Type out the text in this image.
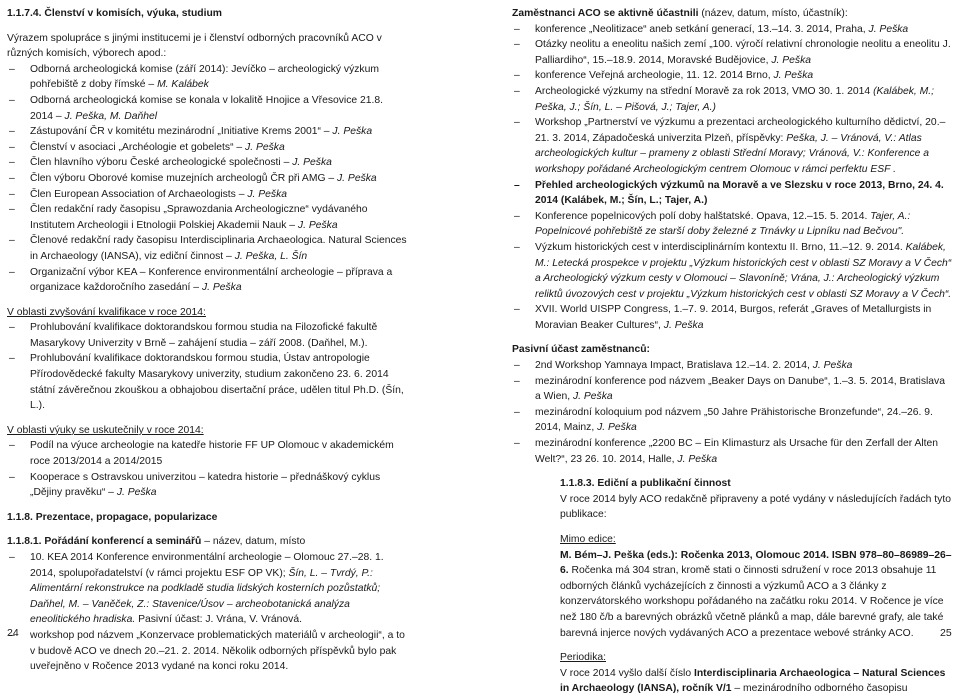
1.1.7.4. Členství v komisích, výuka, studium

Výrazem spolupráce s jinými institucemi je i členství odborných pracovníků ACO v různých komisích, výborech apod.:

– Odborná archeologická komise (září 2014): Jevíčko – archeologický výzkum pohřebiště z doby římské – M. Kalábek

– Odborná archeologická komise se konala v lokalitě Hnojice a Vřesovice 21.8. 2014 – J. Peška, M. Daňhel

– Zástupování ČR v komitétu mezinárodní „Initiative Krems 2001“ – J. Peška

– Členství v asociaci „Archéologie et gobelets“ – J. Peška

– Člen hlavního výboru České archeologické společnosti – J. Peška

– Člen výboru Oborové komise muzejních archeologů ČR při AMG – J. Peška

– Člen European Association of Archaeologists – J. Peška

– Člen redakční rady časopisu „Sprawozdania Archeologiczne“ vydávaného Institutem Archeologii i Etnologii Polskiej Akademii Nauk – J. Peška

– Členové redakční rady časopisu Interdisciplinaria Archaeologica. Natural Sciences in Archaeology (IANSA), viz ediční činnost – J. Peška, L. Šín

– Organizační výbor KEA – Konference environmentální archeologie – příprava a organizace každoročního zasedání – J. Peška

V oblasti zvyšování kvalifikace v roce 2014:

– Prohlubování kvalifikace doktorandskou formou studia na Filozofické fakultě Masarykovy Univerzity v Brně – zahájení studia – září 2008. (Daňhel, M.).

– Prohlubování kvalifikace doktorandskou formou studia, Ústav antropologie Přírodovědecké fakulty Masarykovy univerzity, studium zakončeno 23. 6. 2014 státní závěrečnou zkouškou a obhajobou disertační práce, udělen titul Ph.D. (Šín, L.).

V oblasti výuky se uskutečnily v roce 2014:

– Podíl na výuce archeologie na katedře historie FF UP Olomouc v akademickém roce 2013/2014 a 2014/2015

– Kooperace s Ostravskou univerzitou – katedra historie – přednáškový cyklus „Dějiny pravěku“ – J. Peška

1.1.8. Prezentace, propagace, popularizace

1.1.8.1. Pořádání konferencí a seminářů – název, datum, místo

– 10. KEA 2014 Konference environmentální archeologie – Olomouc 27.–28. 1. 2014, spolupořadatelství (v rámci projektu ESF OP VK); Šín, L. – Tvrdý, P.: Alimentární rekonstrukce na podkladě studia lidských kosterních pozůstatků; Daňhel, M. – Vaněček, Z.: Stavenice/Úsov – archeobotanická analýza eneolitického hradiska. Pasivní účast: J. Vrána, V. Vránová.

– workshop pod názvem „Konzervace problematických materiálů v archeologii“, a to v budově ACO ve dnech 20.–21. 2. 2014. Několik odborných příspěvků bylo pak uveřejněno v Ročence 2013 vydané na konci roku 2014.

Zaměstnanci ACO se aktivně účastnili (název, datum, místo, účastník):

– konference „Neolitizace“ aneb setkání generací, 13.–14. 3. 2014, Praha, J. Peška

– Otázky neolitu a eneolitu našich zemí „100. výročí relativní chronologie neolitu a eneolitu J. Palliardiho“, 15.–18.9. 2014, Moravské Budějovice, J. Peška

– konference Veřejná archeologie, 11. 12. 2014 Brno, J. Peška

– Archeologické výzkumy na střední Moravě za rok 2013, VMO 30. 1. 2014 (Kalábek, M.; Peška, J.; Šín, L. – Pišová, J.; Tajer, A.)

– Workshop „Partnerství ve výzkumu a prezentaci archeologického kulturního dědictví, 20.–21. 3. 2014, Západočeská univerzita Plzeň, příspěvky: Peška, J. – Vránová, V.: Atlas archeologických kultur – prameny z oblasti Střední Moravy; Vránová, V.: Konference a workshopy pořádané Archeologickým centrem Olomouc v rámci perfektu ESF .

– Přehled archeologických výzkumů na Moravě a ve Slezsku v roce 2013, Brno, 24. 4. 2014 (Kalábek, M.; Šín, L.; Tajer, A.)

– Konference popelnicových polí doby halštatské. Opava, 12.–15. 5. 2014. Tajer, A.: Popelnicové pohřebiště ze starší doby železné z Trnávky u Lipníku nad Bečvou".

– Výzkum historických cest v interdisciplinárním kontextu II. Brno, 11.–12. 9. 2014. Kalábek, M.: Letecká prospekce v projektu „Výzkum historických cest v oblasti SZ Moravy a V Čech“ a Archeologický výzkum cesty v Olomouci – Slavoníně; Vrána, J.: Archeologický výzkum reliktů úvozových cest v projektu „Výzkum historických cest v oblasti SZ Moravy a V Čech“.

– XVII. World UISPP Congress, 1.–7. 9. 2014, Burgos, referát „Graves of Metallurgists in Moravian Beaker Cultures“, J. Peška

Pasivní účast zaměstnanců:

– 2nd Workshop Yamnaya Impact, Bratislava 12.–14. 2. 2014, J. Peška

– mezinárodní konference pod názvem „Beaker Days on Danube“, 1.–3. 5. 2014, Bratislava a Wien, J. Peška

– mezinárodní koloquium pod názvem „50 Jahre Prähistorische Bronzefunde“, 24.–26. 9. 2014, Mainz, J. Peška

– mezinárodní konference „2200 BC – Ein Klimasturz als Ursache für den Zerfall der Alten Welt?“, 23 26. 10. 2014, Halle, J. Peška

1.1.8.3. Ediční a publikační činnost

V roce 2014 byly ACO redakčně připraveny a poté vydány v následujících řadách tyto publikace:

Mimo edice:

M. Bém–J. Peška (eds.): Ročenka 2013, Olomouc 2014. ISBN 978–80–86989–26–6. Ročenka má 304 stran, kromě stati o činnosti sdružení v roce 2013 obsahuje 11 odborných článků vycházejících z činnosti a výzkumů ACO a 3 články z konzervátorského workshopu pořádaného na začátku roku 2014. V Ročence je více než 180 č/b a barevných obrázků včetně plánků a map, dále barevné grafy, ale také barevná injerce nových vydávaných ACO a prezentace webové stránky ACO.

Periodika:

V roce 2014 vyšlo další číslo Interdisciplinaria Archaeologica – Natural Sciences in Archaeology (IANSA), ročník V/1 – mezinárodního odborného časopisu

24	25
